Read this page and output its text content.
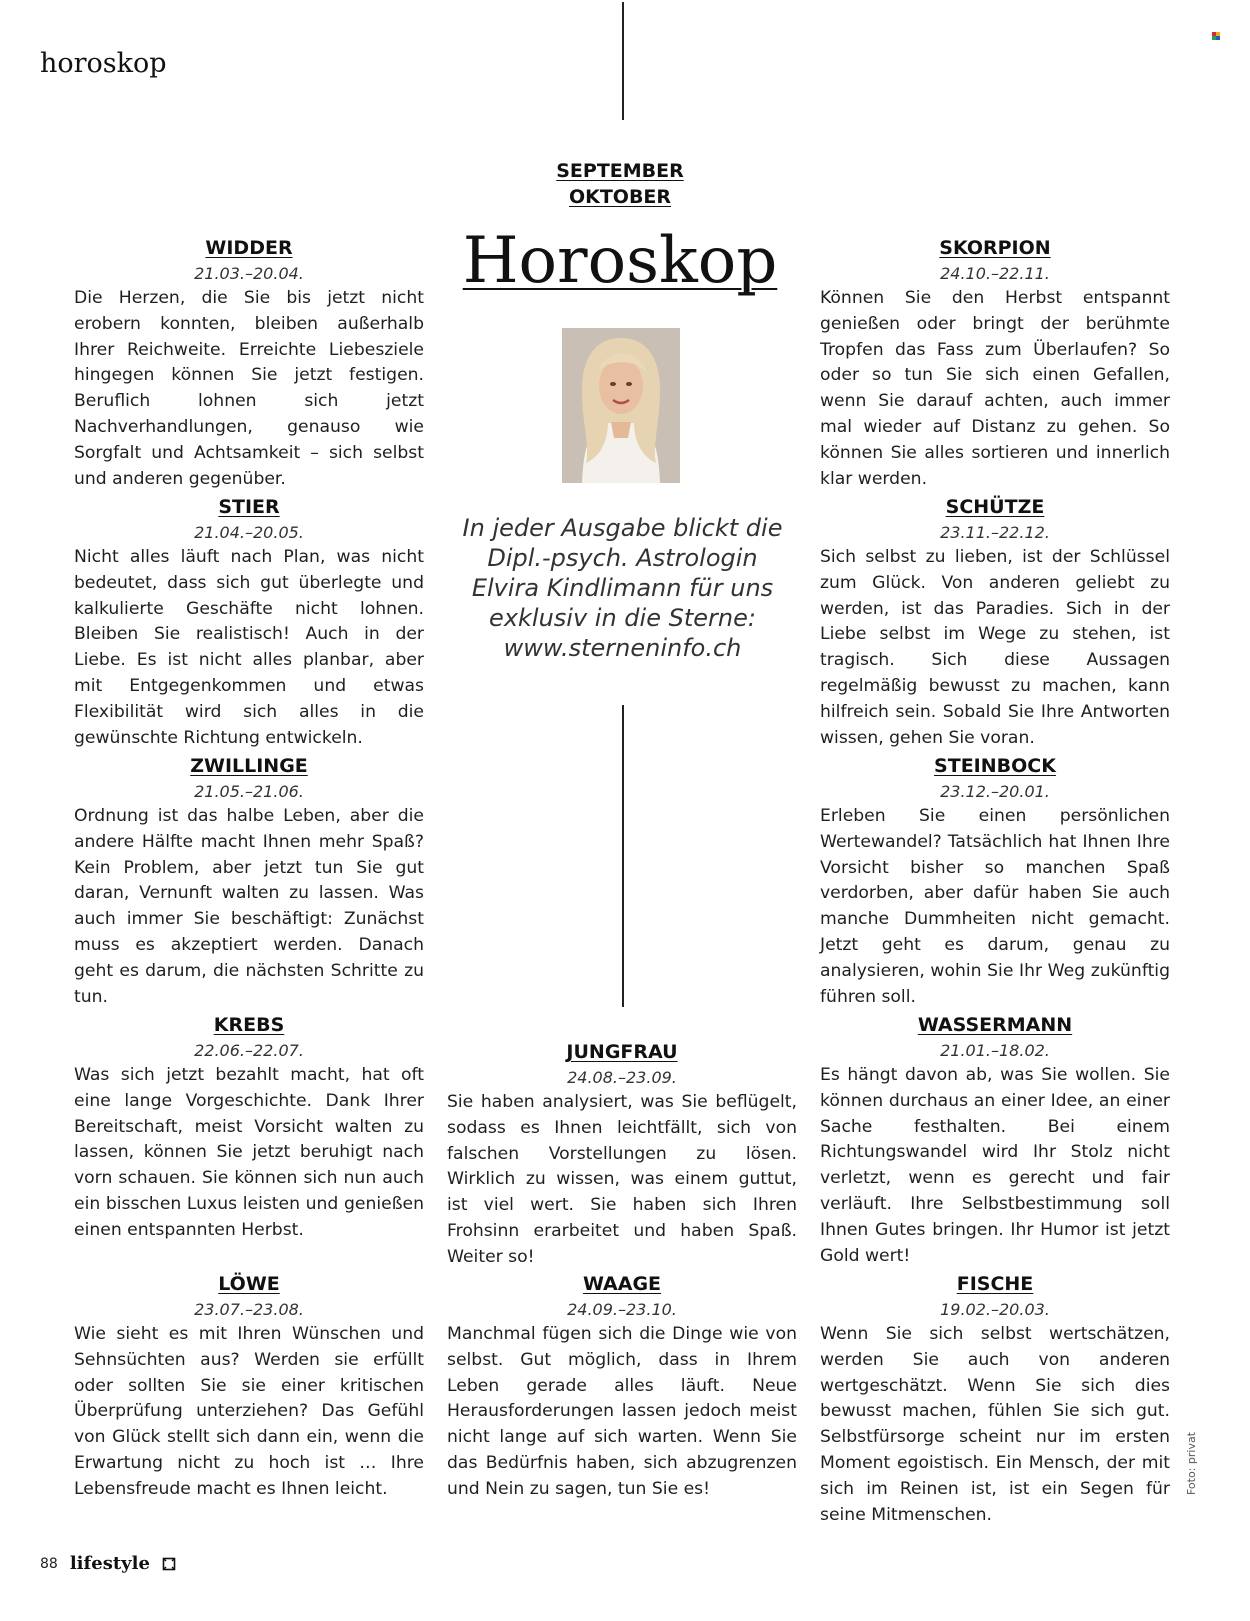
horoskop
SEPTEMBER
OKTOBER
Horoskop
In jeder Ausgabe blickt die
Dipl.-psych. Astrologin
Elvira Kindlimann für uns
exklusiv in die Sterne:
www.sterneninfo.ch
WIDDER
21.03.–20.04.
Die Herzen, die Sie bis jetzt nicht erobern konnten, bleiben außerhalb Ihrer Reichweite. Erreichte Liebesziele hingegen können Sie jetzt festigen. Beruflich lohnen sich jetzt Nachverhandlungen, genauso wie Sorgfalt und Achtsamkeit – sich selbst und anderen gegenüber.
STIER
21.04.–20.05.
Nicht alles läuft nach Plan, was nicht bedeutet, dass sich gut überlegte und kalkulierte Geschäfte nicht lohnen. Bleiben Sie realistisch! Auch in der Liebe. Es ist nicht alles planbar, aber mit Entgegenkommen und etwas Flexibilität wird sich alles in die gewünschte Richtung entwickeln.
ZWILLINGE
21.05.–21.06.
Ordnung ist das halbe Leben, aber die andere Hälfte macht Ihnen mehr Spaß? Kein Problem, aber jetzt tun Sie gut daran, Vernunft walten zu lassen. Was auch immer Sie beschäftigt: Zunächst muss es akzeptiert werden. Danach geht es darum, die nächsten Schritte zu tun.
KREBS
22.06.–22.07.
Was sich jetzt bezahlt macht, hat oft eine lange Vorgeschichte. Dank Ihrer Bereitschaft, meist Vorsicht walten zu lassen, können Sie jetzt beruhigt nach vorn schauen. Sie können sich nun auch ein bisschen Luxus leisten und genießen einen entspannten Herbst.
LÖWE
23.07.–23.08.
Wie sieht es mit Ihren Wünschen und Sehnsüchten aus? Werden sie erfüllt oder sollten Sie sie einer kritischen Überprüfung unterziehen? Das Gefühl von Glück stellt sich dann ein, wenn die Erwartung nicht zu hoch ist … Ihre Lebensfreude macht es Ihnen leicht.
JUNGFRAU
24.08.–23.09.
Sie haben analysiert, was Sie beflügelt, sodass es Ihnen leichtfällt, sich von falschen Vorstellungen zu lösen. Wirklich zu wissen, was einem guttut, ist viel wert. Sie haben sich Ihren Frohsinn erarbeitet und haben Spaß. Weiter so!
WAAGE
24.09.–23.10.
Manchmal fügen sich die Dinge wie von selbst. Gut möglich, dass in Ihrem Leben gerade alles läuft. Neue Herausforderungen lassen jedoch meist nicht lange auf sich warten. Wenn Sie das Bedürfnis haben, sich abzugrenzen und Nein zu sagen, tun Sie es!
SKORPION
24.10.–22.11.
Können Sie den Herbst entspannt genießen oder bringt der berühmte Tropfen das Fass zum Überlaufen? So oder so tun Sie sich einen Gefallen, wenn Sie darauf achten, auch immer mal wieder auf Distanz zu gehen. So können Sie alles sortieren und innerlich klar werden.
SCHÜTZE
23.11.–22.12.
Sich selbst zu lieben, ist der Schlüssel zum Glück. Von anderen geliebt zu werden, ist das Paradies. Sich in der Liebe selbst im Wege zu stehen, ist tragisch. Sich diese Aussagen regelmäßig bewusst zu machen, kann hilfreich sein. Sobald Sie Ihre Antworten wissen, gehen Sie voran.
STEINBOCK
23.12.–20.01.
Erleben Sie einen persönlichen Wertewandel? Tatsächlich hat Ihnen Ihre Vorsicht bisher so manchen Spaß verdorben, aber dafür haben Sie auch manche Dummheiten nicht gemacht. Jetzt geht es darum, genau zu analysieren, wohin Sie Ihr Weg zukünftig führen soll.
WASSERMANN
21.01.–18.02.
Es hängt davon ab, was Sie wollen. Sie können durchaus an einer Idee, an einer Sache festhalten. Bei einem Richtungswandel wird Ihr Stolz nicht verletzt, wenn es gerecht und fair verläuft. Ihre Selbstbestimmung soll Ihnen Gutes bringen. Ihr Humor ist jetzt Gold wert!
FISCHE
19.02.–20.03.
Wenn Sie sich selbst wertschätzen, werden Sie auch von anderen wertgeschätzt. Wenn Sie sich dies bewusst machen, fühlen Sie sich gut. Selbstfürsorge scheint nur im ersten Moment egoistisch. Ein Mensch, der mit sich im Reinen ist, ist ein Segen für seine Mitmenschen.
Foto: privat
88 lifestyle
